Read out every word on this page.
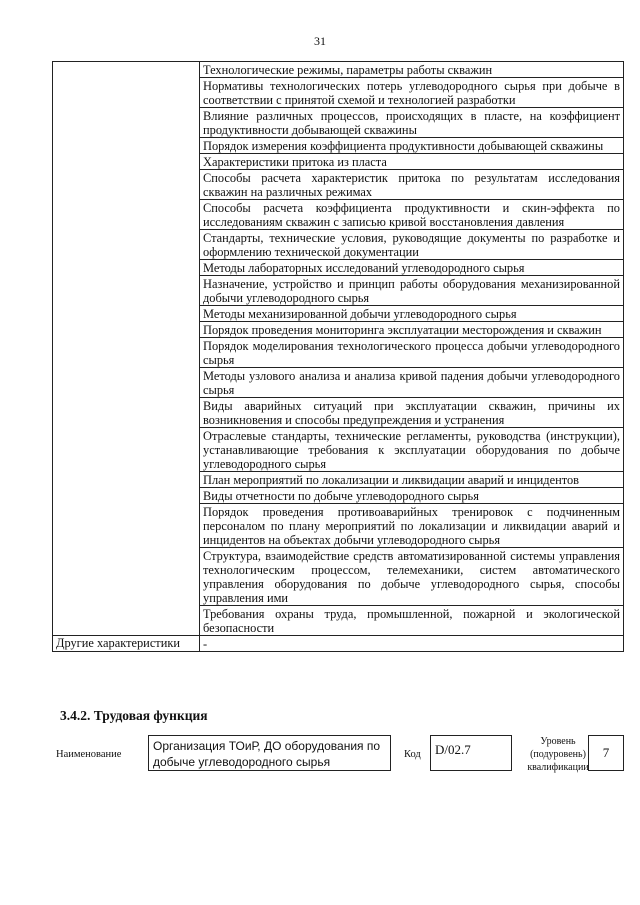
31
	Технологические режимы, параметры работы скважин
	Нормативы технологических потерь углеводородного сырья при добыче в соответствии с принятой схемой и технологией разработки
	Влияние различных процессов, происходящих в пласте, на коэффициент продуктивности добывающей скважины
	Порядок измерения коэффициента продуктивности добывающей скважины
	Характеристики притока из пласта
	Способы расчета характеристик притока по результатам исследования скважин на различных режимах
	Способы расчета коэффициента продуктивности и скин-эффекта по исследованиям скважин с записью кривой восстановления давления
	Стандарты, технические условия, руководящие документы по разработке и оформлению технической документации
	Методы лабораторных исследований углеводородного сырья
	Назначение, устройство и принцип работы оборудования механизированной добычи углеводородного сырья
	Методы механизированной добычи углеводородного сырья
	Порядок проведения мониторинга эксплуатации месторождения и скважин
	Порядок моделирования технологического процесса добычи углеводородного сырья
	Методы узлового анализа и анализа кривой падения добычи углеводородного сырья
	Виды аварийных ситуаций при эксплуатации скважин, причины их возникновения и способы предупреждения и устранения
	Отраслевые стандарты, технические регламенты, руководства (инструкции), устанавливающие требования к эксплуатации оборудования по добыче углеводородного сырья
	План мероприятий по локализации и ликвидации аварий и инцидентов
	Виды отчетности по добыче углеводородного сырья
	Порядок проведения противоаварийных тренировок с подчиненным персоналом по плану мероприятий по локализации и ликвидации аварий и инцидентов на объектах добычи углеводородного сырья
	Структура, взаимодействие средств автоматизированной системы управления технологическим процессом, телемеханики, систем автоматического управления оборудования по добыче углеводородного сырья, способы управления ими
	Требования охраны труда, промышленной, пожарной и экологической безопасности
Другие характеристики	-
3.4.2. Трудовая функция
Наименование
Организация ТОиР, ДО оборудования по добыче углеводородного сырья
Код	D/02.7
Уровень (подуровень) квалификации
7
